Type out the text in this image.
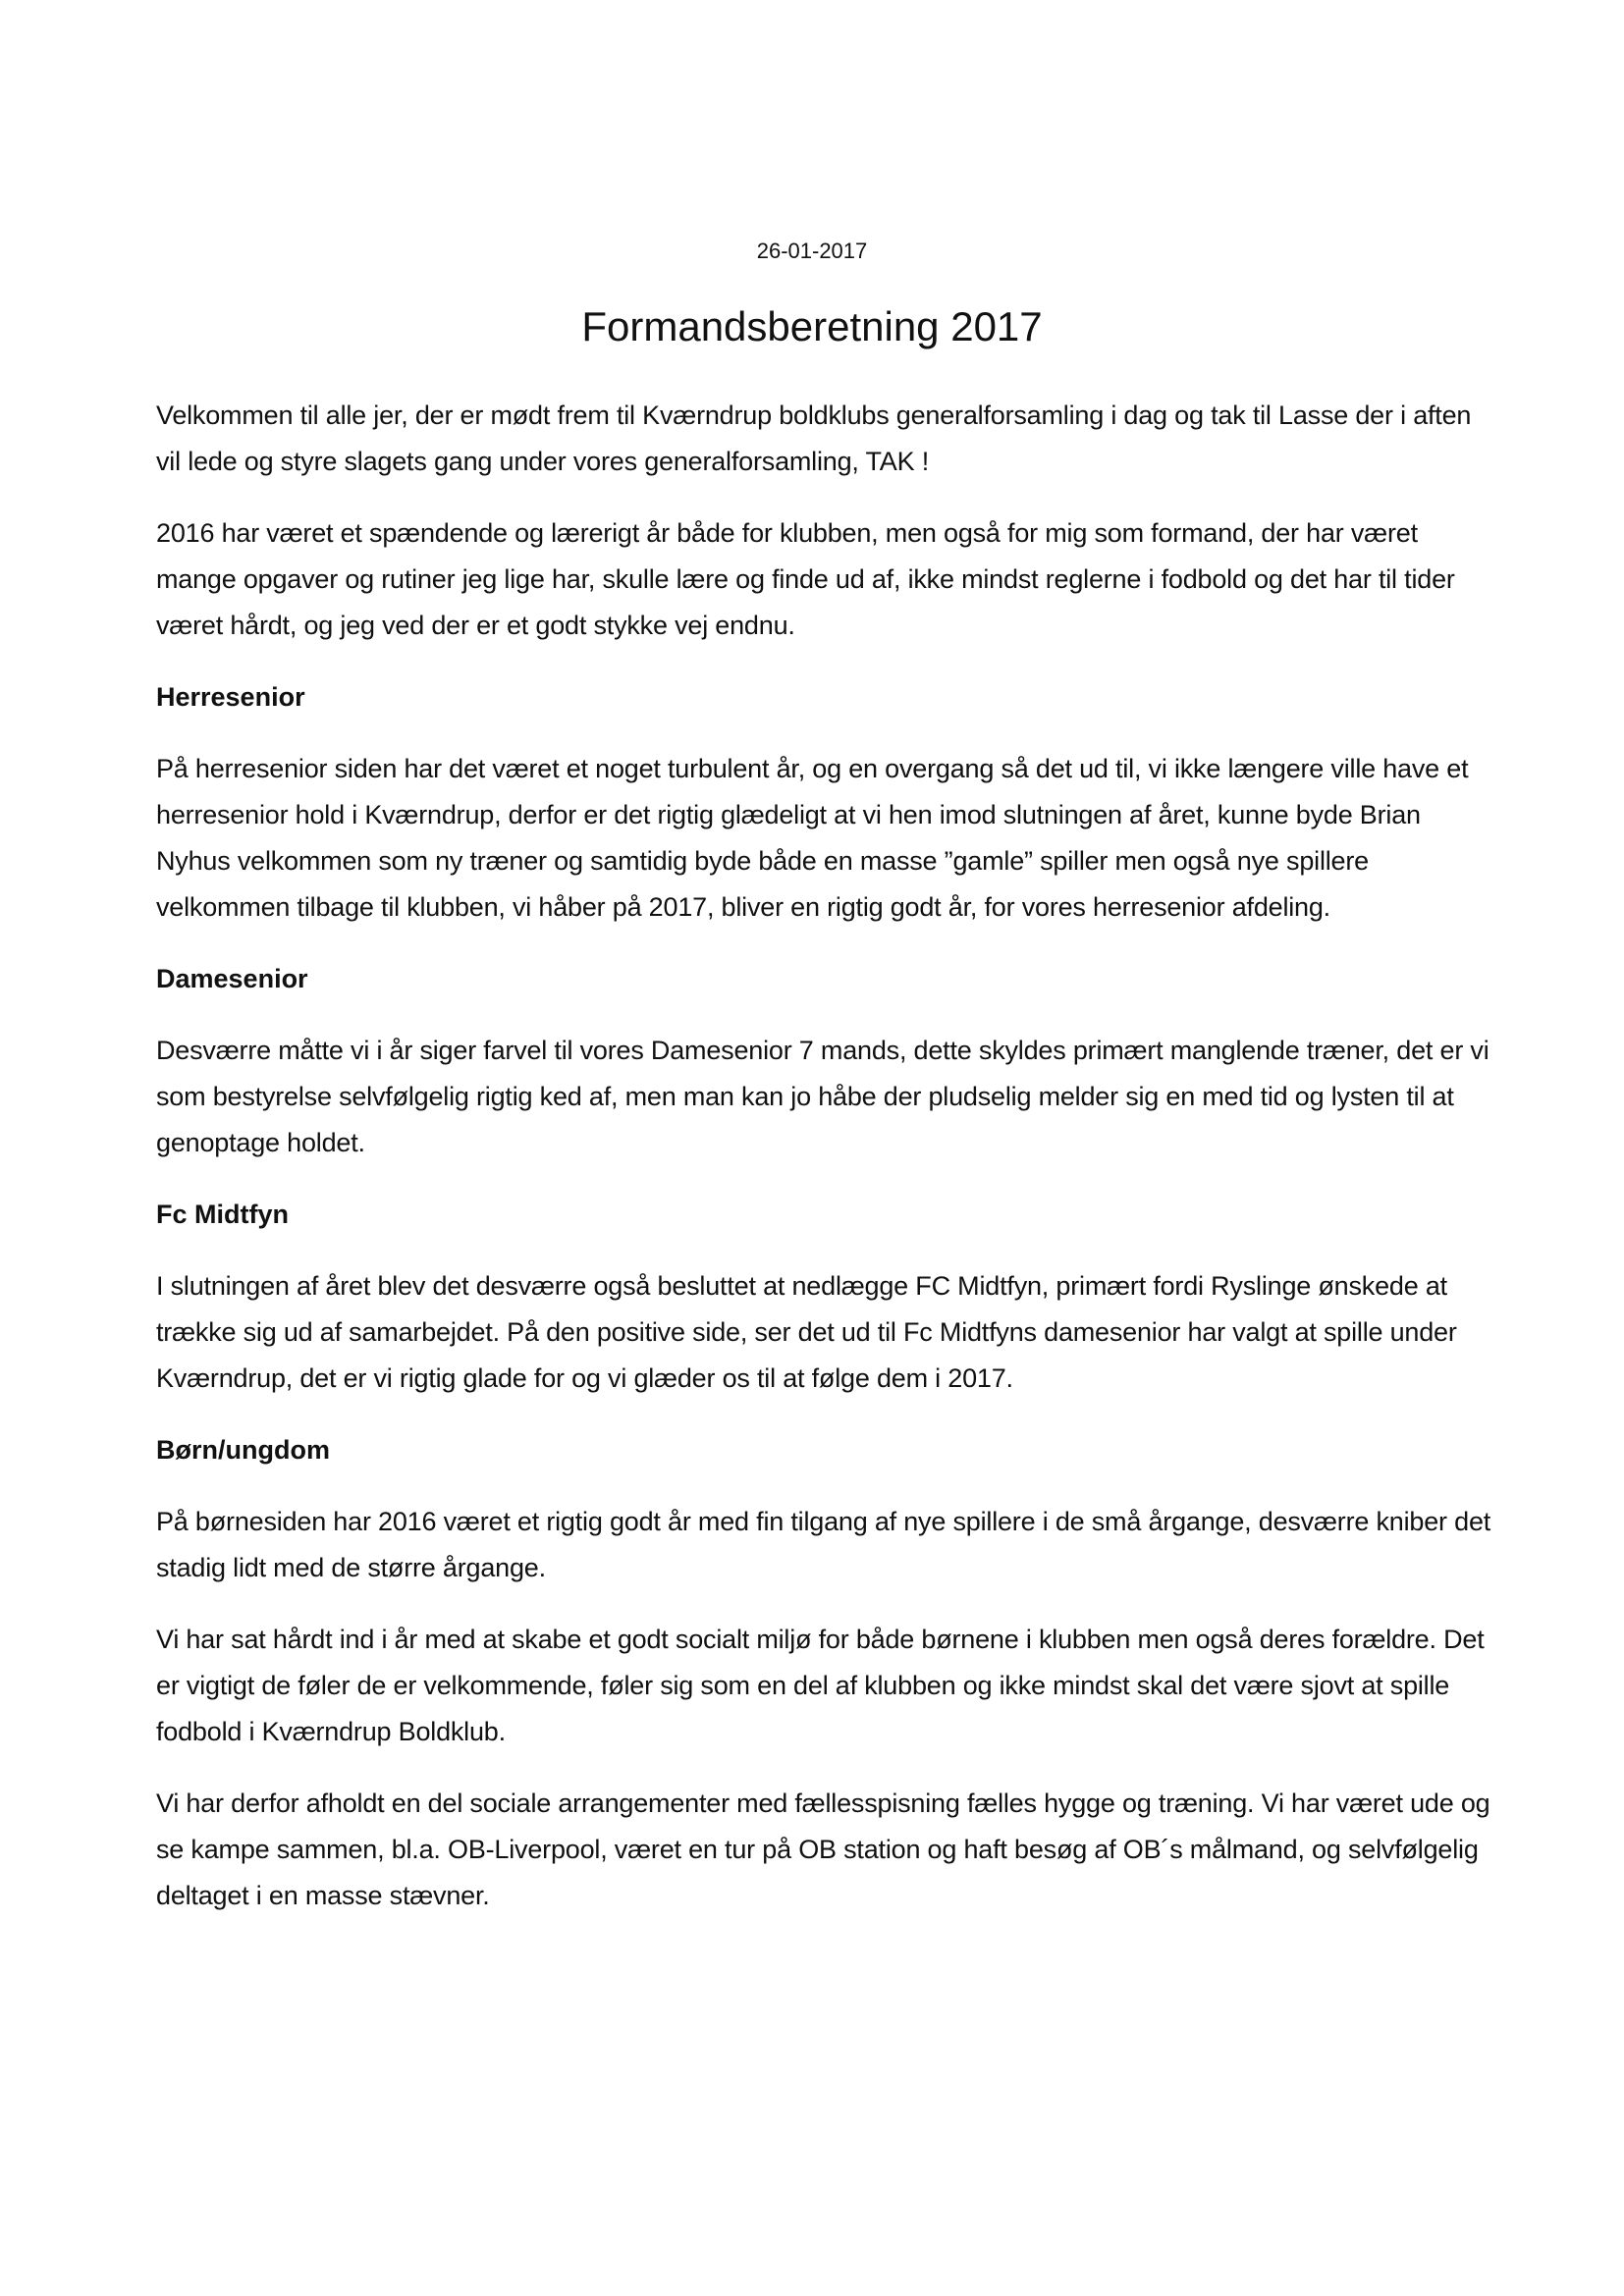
26-01-2017
Formandsberetning 2017

Velkommen til alle jer, der er mødt frem til Kværndrup boldklubs generalforsamling i dag og tak til Lasse der i aften vil lede og styre slagets gang under vores generalforsamling, TAK !

2016 har været et spændende og lærerigt år både for klubben, men også for mig som formand, der har været mange opgaver og rutiner jeg lige har, skulle lære og finde ud af, ikke mindst reglerne i fodbold og det har til tider været hårdt, og jeg ved der er et godt stykke vej endnu.

Herresenior

På herresenior siden har det været et noget turbulent år, og en overgang så det ud til, vi ikke længere ville have et herresenior hold i Kværndrup, derfor er det rigtig glædeligt at vi hen imod slutningen af året, kunne byde Brian Nyhus velkommen som ny træner og samtidig byde både en masse ”gamle” spiller men også nye spillere velkommen tilbage til klubben, vi håber på 2017, bliver en rigtig godt år, for vores herresenior afdeling.

Damesenior

Desværre måtte vi i år siger farvel til vores Damesenior 7 mands, dette skyldes primært manglende træner, det er vi som bestyrelse selvfølgelig rigtig ked af, men man kan jo håbe der pludselig melder sig en med tid og lysten til at genoptage holdet.

Fc Midtfyn

I slutningen af året blev det desværre også besluttet at nedlægge FC Midtfyn, primært fordi Ryslinge ønskede at trække sig ud af samarbejdet. På den positive side, ser det ud til Fc Midtfyns damesenior har valgt at spille under Kværndrup, det er vi rigtig glade for og vi glæder os til at følge dem i 2017.

Børn/ungdom

På børnesiden har 2016 været et rigtig godt år med fin tilgang af nye spillere i de små årgange, desværre kniber det stadig lidt med de større årgange.

Vi har sat hårdt ind i år med at skabe et godt socialt miljø for både børnene i klubben men også deres forældre. Det er vigtigt de føler de er velkommende, føler sig som en del af klubben og ikke mindst skal det være sjovt at spille fodbold i Kværndrup Boldklub.

Vi har derfor afholdt en del sociale arrangementer med fællesspisning fælles hygge og træning. Vi har været ude og se kampe sammen, bl.a. OB-Liverpool, været en tur på OB station og haft besøg af OB´s målmand, og selvfølgelig deltaget i en masse stævner.
